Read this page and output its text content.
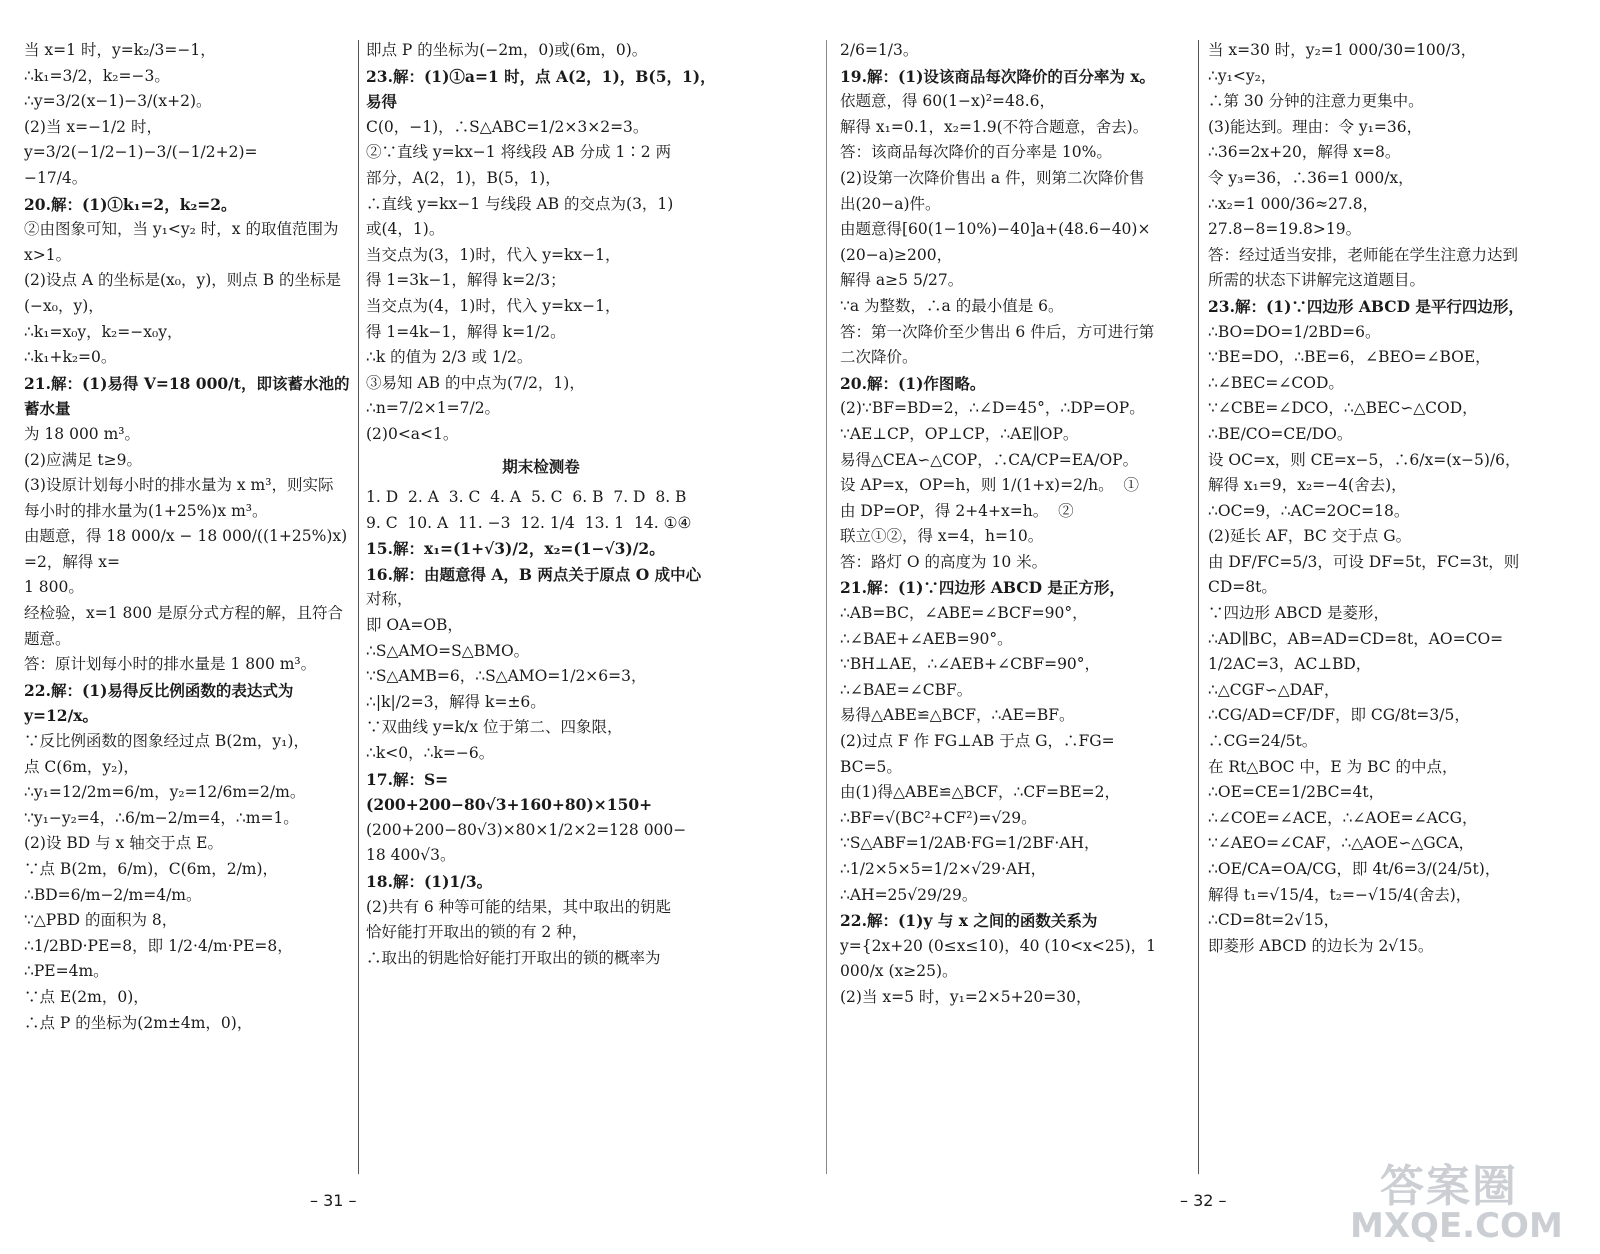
当 x=1 时，y=k₂/3=−1，
∴k₁=3/2，k₂=−3。
∴y=3/2(x−1)−3/(x+2)。
(2)当 x=−1/2 时，y=3/2(−1/2−1)−3/(−1/2+2)=
−17/4。
20.解：(1)①k₁=2，k₂=2。
②由图象可知，当 y₁<y₂ 时，x 的取值范围为
x>1。
(2)设点 A 的坐标是(x₀，y)，则点 B 的坐标是
(−x₀，y)，
∴k₁=x₀y，k₂=−x₀y，
∴k₁+k₂=0。
21.解：(1)易得 V=18 000/t，即该蓄水池的蓄水量
为 18 000 m³。
(2)应满足 t≥9。
(3)设原计划每小时的排水量为 x m³，则实际
每小时的排水量为(1+25%)x m³。
由题意，得 18 000/x − 18 000/((1+25%)x) =2，解得 x=
1 800。
经检验，x=1 800 是原分式方程的解，且符合
题意。
答：原计划每小时的排水量是 1 800 m³。
22.解：(1)易得反比例函数的表达式为 y=12/x。
∵反比例函数的图象经过点 B(2m，y₁)，
点 C(6m，y₂)，
∴y₁=12/2m=6/m，y₂=12/6m=2/m。
∵y₁−y₂=4，∴6/m−2/m=4，∴m=1。
(2)设 BD 与 x 轴交于点 E。
∵点 B(2m，6/m)，C(6m，2/m)，
∴BD=6/m−2/m=4/m。
∵△PBD 的面积为 8，
∴1/2BD·PE=8，即 1/2·4/m·PE=8，
∴PE=4m。
∵点 E(2m，0)，
∴点 P 的坐标为(2m±4m，0)，
即点 P 的坐标为(−2m，0)或(6m，0)。
23.解：(1)①a=1 时，点 A(2，1)，B(5，1)，易得
C(0，−1)，∴S△ABC=1/2×3×2=3。
②∵直线 y=kx−1 将线段 AB 分成 1∶2 两
部分，A(2，1)，B(5，1)，
∴直线 y=kx−1 与线段 AB 的交点为(3，1)
或(4，1)。
当交点为(3，1)时，代入 y=kx−1，
得 1=3k−1，解得 k=2/3；
当交点为(4，1)时，代入 y=kx−1，
得 1=4k−1，解得 k=1/2。
∴k 的值为 2/3 或 1/2。
③易知 AB 的中点为(7/2，1)，
∴n=7/2×1=7/2。
(2)0<a<1。
期末检测卷
1. D  2. A  3. C  4. A  5. C  6. B  7. D  8. B
9. C  10. A  11. −3  12. 1/4  13. 1  14. ①④
15.解：x₁=(1+√3)/2，x₂=(1−√3)/2。
16.解：由题意得 A，B 两点关于原点 O 成中心
对称，
即 OA=OB，
∴S△AMO=S△BMO。
∵S△AMB=6，∴S△AMO=1/2×6=3，
∴|k|/2=3，解得 k=±6。
∵双曲线 y=k/x 位于第二、四象限，
∴k<0，∴k=−6。
17.解：S=(200+200−80√3+160+80)×150+
(200+200−80√3)×80×1/2×2=128 000−
18 400√3。
18.解：(1)1/3。
(2)共有 6 种等可能的结果，其中取出的钥匙
恰好能打开取出的锁的有 2 种，
∴取出的钥匙恰好能打开取出的锁的概率为
– 31 –
2/6=1/3。
19.解：(1)设该商品每次降价的百分率为 x。
依题意，得 60(1−x)²=48.6，
解得 x₁=0.1，x₂=1.9(不符合题意，舍去)。
答：该商品每次降价的百分率是 10%。
(2)设第一次降价售出 a 件，则第二次降价售
出(20−a)件。
由题意得[60(1−10%)−40]a+(48.6−40)×
(20−a)≥200，
解得 a≥5 5/27。
∵a 为整数，∴a 的最小值是 6。
答：第一次降价至少售出 6 件后，方可进行第
二次降价。
20.解：(1)作图略。
(2)∵BF=BD=2，∴∠D=45°，∴DP=OP。
∵AE⊥CP，OP⊥CP，∴AE∥OP。
易得△CEA∽△COP，∴CA/CP=EA/OP。
设 AP=x，OP=h，则 1/(1+x)=2/h。  ①
由 DP=OP，得 2+4+x=h。  ②
联立①②，得 x=4，h=10。
答：路灯 O 的高度为 10 米。
21.解：(1)∵四边形 ABCD 是正方形，
∴AB=BC，∠ABE=∠BCF=90°，
∴∠BAE+∠AEB=90°。
∵BH⊥AE，∴∠AEB+∠CBF=90°，
∴∠BAE=∠CBF。
易得△ABE≌△BCF，∴AE=BF。
(2)过点 F 作 FG⊥AB 于点 G，∴FG=
BC=5。
由(1)得△ABE≌△BCF，∴CF=BE=2，
∴BF=√(BC²+CF²)=√29。
∵S△ABF=1/2AB·FG=1/2BF·AH，
∴1/2×5×5=1/2×√29·AH，
∴AH=25√29/29。
22.解：(1)y 与 x 之间的函数关系为
y={2x+20 (0≤x≤10)，40 (10<x<25)，1 000/x (x≥25)。
(2)当 x=5 时，y₁=2×5+20=30，
当 x=30 时，y₂=1 000/30=100/3，
∴y₁<y₂，
∴第 30 分钟的注意力更集中。
(3)能达到。理由：令 y₁=36，
∴36=2x+20，解得 x=8。
令 y₃=36，∴36=1 000/x，
∴x₂=1 000/36≈27.8，
27.8−8=19.8>19。
答：经过适当安排，老师能在学生注意力达到
所需的状态下讲解完这道题目。
23.解：(1)∵四边形 ABCD 是平行四边形，
∴BO=DO=1/2BD=6。
∵BE=DO，∴BE=6，∠BEO=∠BOE，
∴∠BEC=∠COD。
∵∠CBE=∠DCO，∴△BEC∽△COD，
∴BE/CO=CE/DO。
设 OC=x，则 CE=x−5，∴6/x=(x−5)/6，
解得 x₁=9，x₂=−4(舍去)，
∴OC=9，∴AC=2OC=18。
(2)延长 AF，BC 交于点 G。
由 DF/FC=5/3，可设 DF=5t，FC=3t，则
CD=8t。
∵四边形 ABCD 是菱形，
∴AD∥BC，AB=AD=CD=8t，AO=CO=
1/2AC=3，AC⊥BD，
∴△CGF∽△DAF，
∴CG/AD=CF/DF，即 CG/8t=3/5，∴CG=24/5t。
在 Rt△BOC 中，E 为 BC 的中点，
∴OE=CE=1/2BC=4t，
∴∠COE=∠ACE，∴∠AOE=∠ACG，
∵∠AEO=∠CAF，∴△AOE∽△GCA，
∴OE/CA=OA/CG，即 4t/6=3/(24/5t)，
解得 t₁=√15/4，t₂=−√15/4(舍去)，
∴CD=8t=2√15，
即菱形 ABCD 的边长为 2√15。
– 32 –	答案圈
MXQE.COM
